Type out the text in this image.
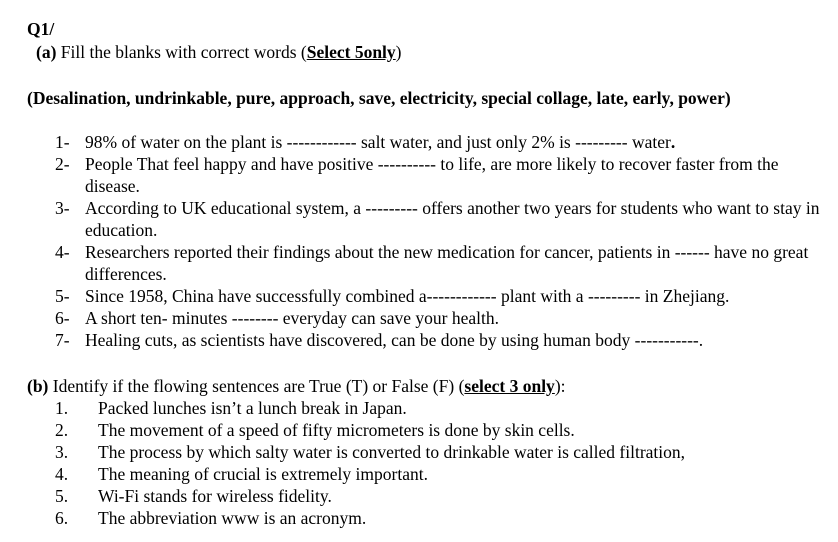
Q1/
(a) Fill the blanks with correct words (Select 5only)
(Desalination, undrinkable, pure, approach, save, electricity, special collage, late, early, power)
1- 98% of water on the plant is ------------ salt water, and just only 2% is --------- water.
2- People That feel happy and have positive ---------- to life, are more likely to recover faster from the disease.
3- According to UK educational system, a --------- offers another two years for students who want to stay in education.
4- Researchers reported their findings about the new medication for cancer, patients in ------ have no great differences.
5- Since 1958, China have successfully combined a------------ plant with a --------- in Zhejiang.
6- A short ten- minutes -------- everyday can save your health.
7- Healing cuts, as scientists have discovered, can be done by using human body -----------.
(b) Identify if the flowing sentences are True (T) or False (F) (select 3 only):
1.	Packed lunches isn’t a lunch break in Japan.
2.	The movement of a speed of fifty micrometers is done by skin cells.
3.	The process by which salty water is converted to drinkable water is called filtration,
4.	The meaning of crucial is extremely important.
5.	Wi-Fi stands for wireless fidelity.
6.	The abbreviation www is an acronym.
